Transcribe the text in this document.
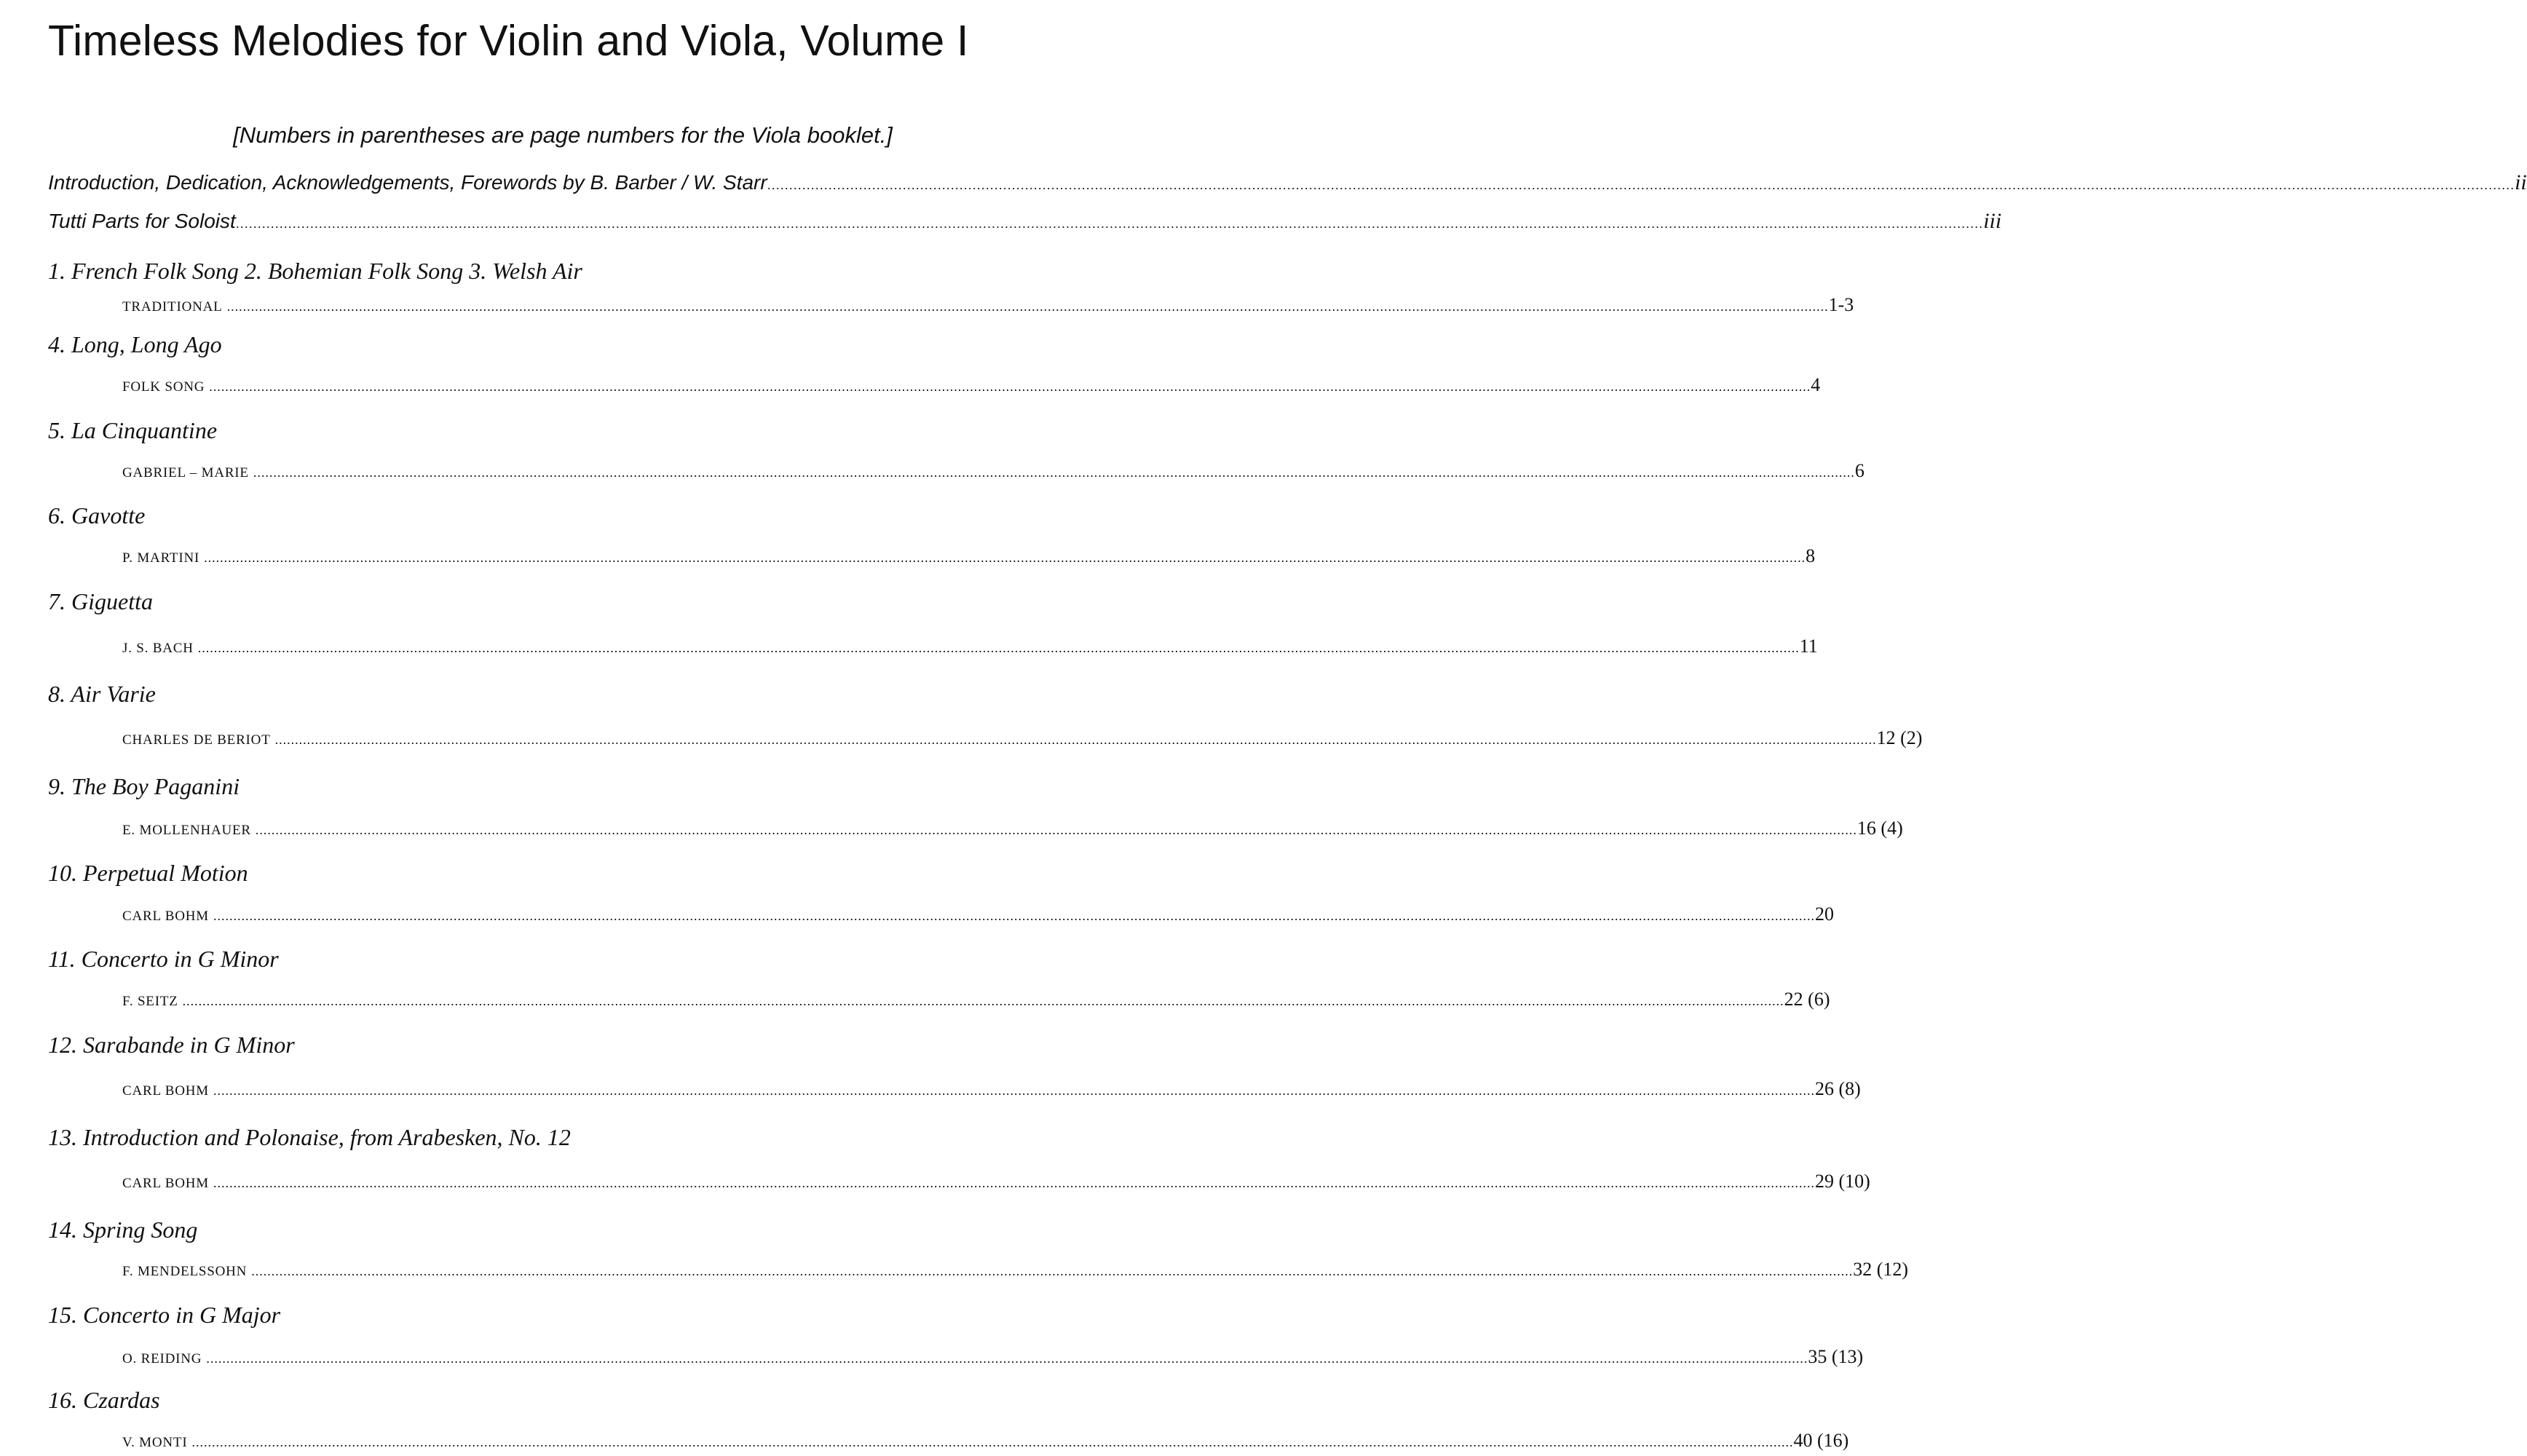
Timeless Melodies for Violin and Viola, Volume I
[Numbers in parentheses are page numbers for the Viola booklet.]
Introduction, Dedication, Acknowledgements, Forewords by B. Barber / W. Starr ................................................................................................................................................................................................................................................................................................................................................................................................................ ii
Tutti Parts for Soloist ................................................................................................................................................................................................................................................................................................................................................................................................................ iii
1. French Folk Song 2. Bohemian Folk Song 3. Welsh Air
TRADITIONAL ................................................................................................................................................................................................................................................................................................................................................................................................................ 1-3
4. Long, Long Ago
FOLK SONG ................................................................................................................................................................................................................................................................................................................................................................................................................ 4
5. La Cinquantine
GABRIEL – MARIE ................................................................................................................................................................................................................................................................................................................................................................................................................ 6
6. Gavotte
P. MARTINI ................................................................................................................................................................................................................................................................................................................................................................................................................ 8
7. Giguetta
J. S. BACH ................................................................................................................................................................................................................................................................................................................................................................................................................ 11
8. Air Varie
CHARLES DE BERIOT ................................................................................................................................................................................................................................................................................................................................................................................................................ 12 (2)
9. The Boy Paganini
E. MOLLENHAUER ................................................................................................................................................................................................................................................................................................................................................................................................................ 16 (4)
10. Perpetual Motion
CARL BOHM ................................................................................................................................................................................................................................................................................................................................................................................................................ 20
11. Concerto in G Minor
F. SEITZ ................................................................................................................................................................................................................................................................................................................................................................................................................ 22 (6)
12. Sarabande in G Minor
CARL BOHM ................................................................................................................................................................................................................................................................................................................................................................................................................ 26 (8)
13. Introduction and Polonaise, from Arabesken, No. 12
CARL BOHM ................................................................................................................................................................................................................................................................................................................................................................................................................ 29 (10)
14. Spring Song
F. MENDELSSOHN ................................................................................................................................................................................................................................................................................................................................................................................................................ 32 (12)
15. Concerto in G Major
O. REIDING ................................................................................................................................................................................................................................................................................................................................................................................................................ 35 (13)
16. Czardas
V. MONTI ................................................................................................................................................................................................................................................................................................................................................................................................................ 40 (16)
